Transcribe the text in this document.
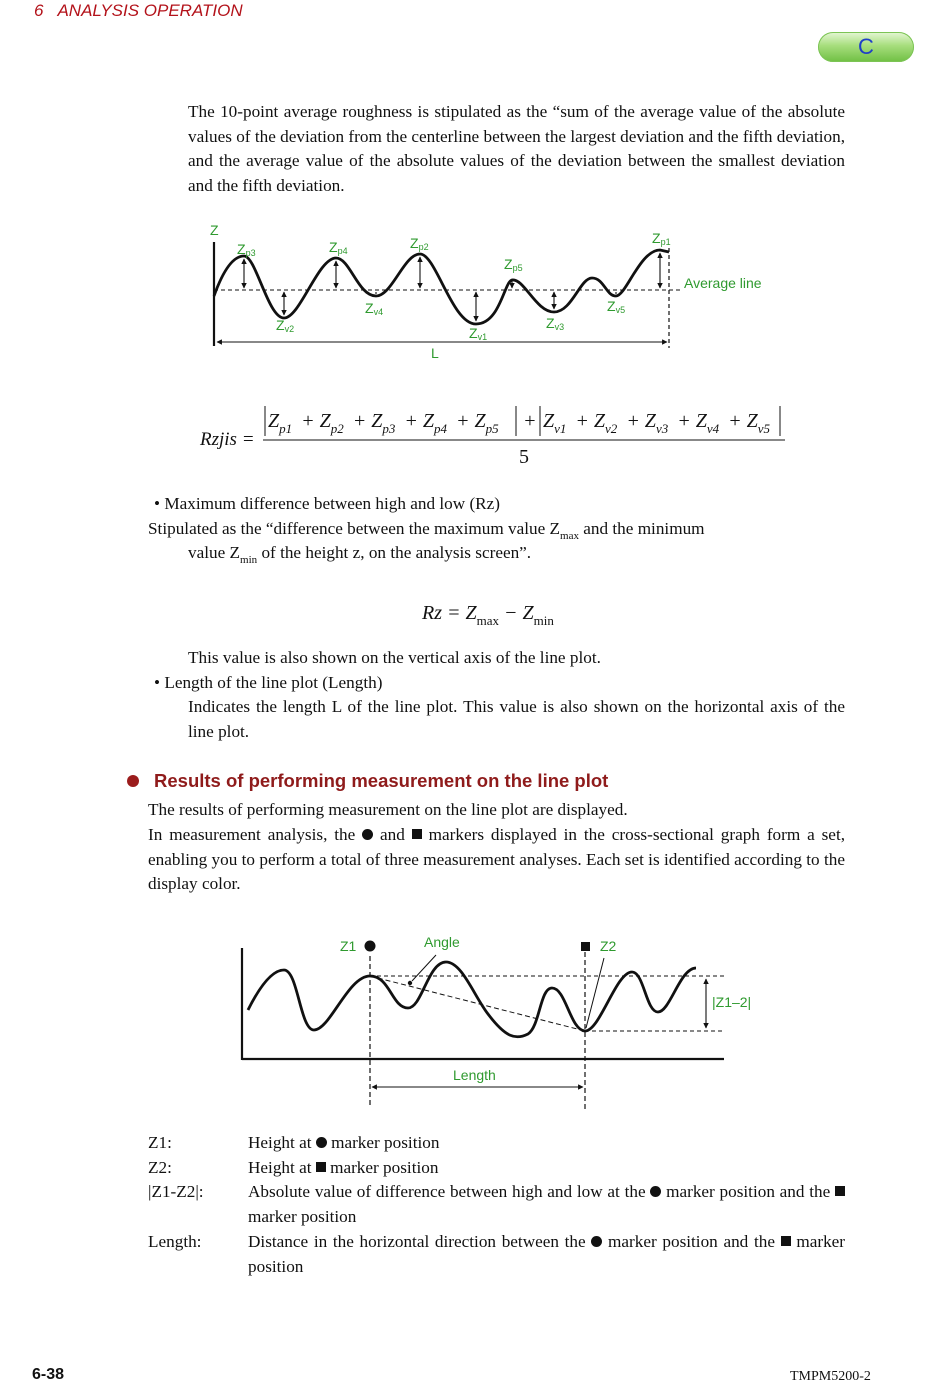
6 ANALYSIS OPERATION
C

The 10-point average roughness is stipulated as the “sum of the average value of the absolute values of the deviation from the centerline between the largest deviation and the fifth deviation, and the average value of the absolute values of the deviation between the smallest deviation and the fifth deviation.

Z
L
Average line
Zp3	Zp4	Zp2
Zp5
Zp1
Zv2
Zv4
Zv1
Zv3
Zv5
Rzjis =
$Z_{p1} + Z_{p2} + Z_{p3} + Z_{p4} + Z_{p5} + Z_{v1} + Z_{v2} + Z_{v3} + Z_{v4} + Z_{v5}$
5
$Rz = Z_{max} - Z_{min}$
Z1	Z2
Angle
|Z1–2|
Length
• Maximum difference between high and low (Rz)
Stipulated as the “difference between the maximum value $Z_{max}$ and the minimum
value $Z_{min}$ of the height z, on the analysis screen”.
This value is also shown on the vertical axis of the line plot.
• Length of the line plot (Length)

Indicates the length L of the line plot. This value is also shown on the horizontal axis of the line plot.

Results of performing measurement on the line plot
The results of performing measurement on the line plot are displayed.

In measurement analysis, the and markers displayed in the cross-sectional graph form a set, enabling you to perform a total of three measurement analyses. Each set is identified according to the display color.

Z1:	Height at marker position

Z2:	Height at marker position

|Z1-Z2|:	Absolute value of difference between high and low at the marker position and the  marker position

Length:	Distance in the horizontal direction between the marker position and the marker position

6-38	TMPM5200-2
